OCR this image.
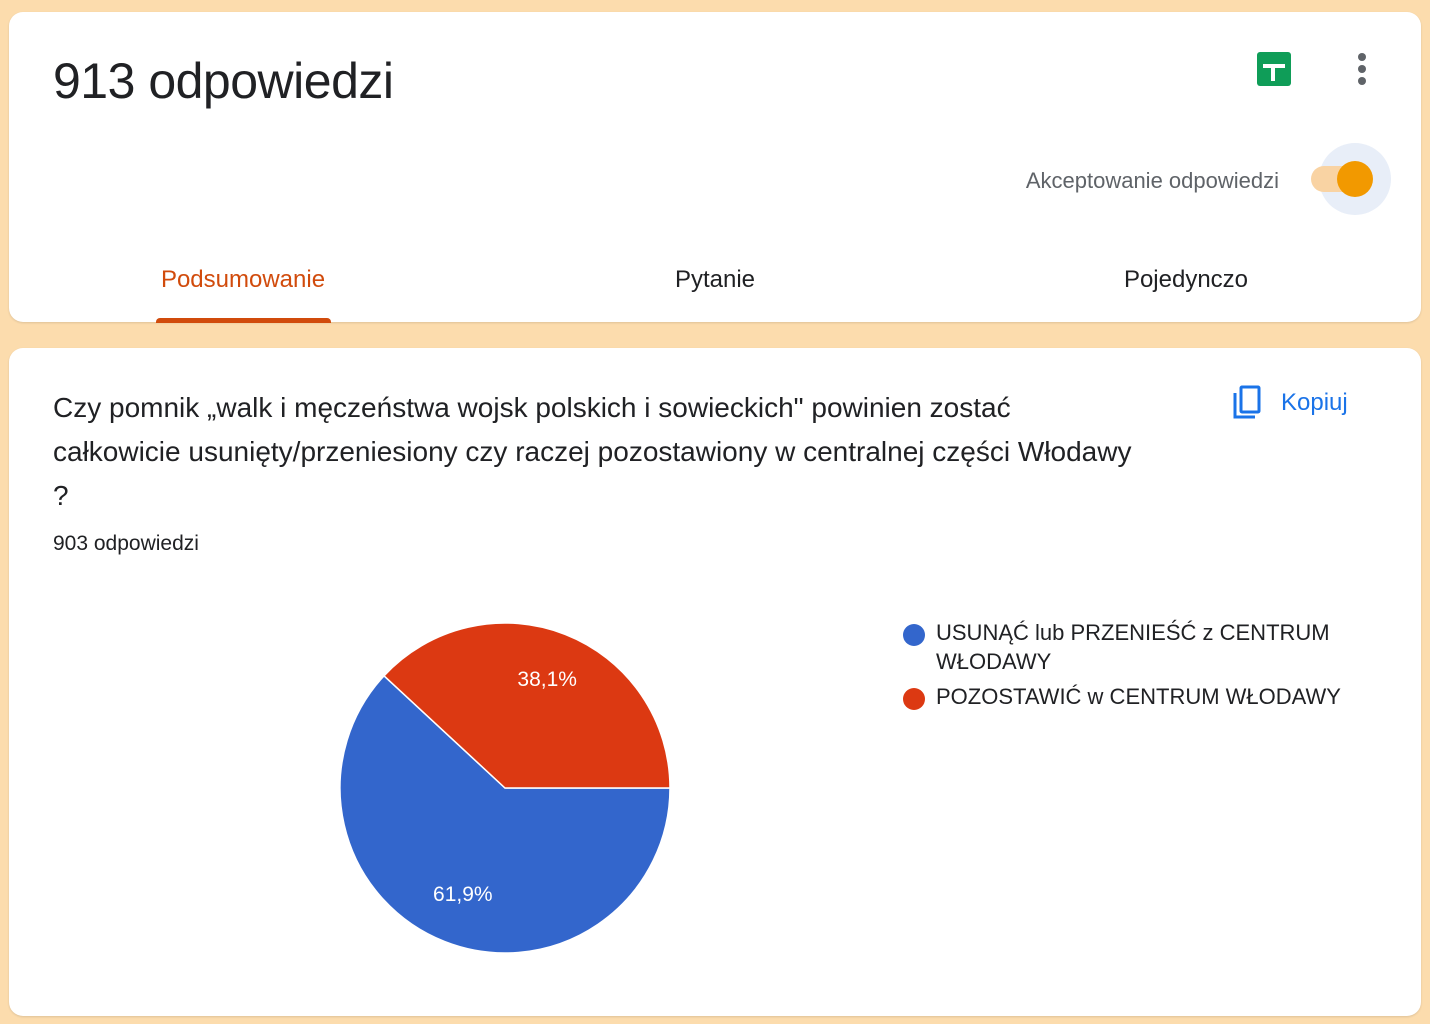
913 odpowiedzi
Akceptowanie odpowiedzi
Podsumowanie	Pytanie	Pojedynczo
Czy pomnik „walk i męczeństwa wojsk polskich i sowieckich" powinien zostać całkowicie usunięty/przeniesiony czy raczej pozostawiony w centralnej części Włodawy ?
903 odpowiedzi
Kopiuj
61,9%
38,1%
USUNĄĆ lub PRZENIEŚĆ z CENTRUM WŁODAWY
POZOSTAWIĆ w CENTRUM WŁODAWY
